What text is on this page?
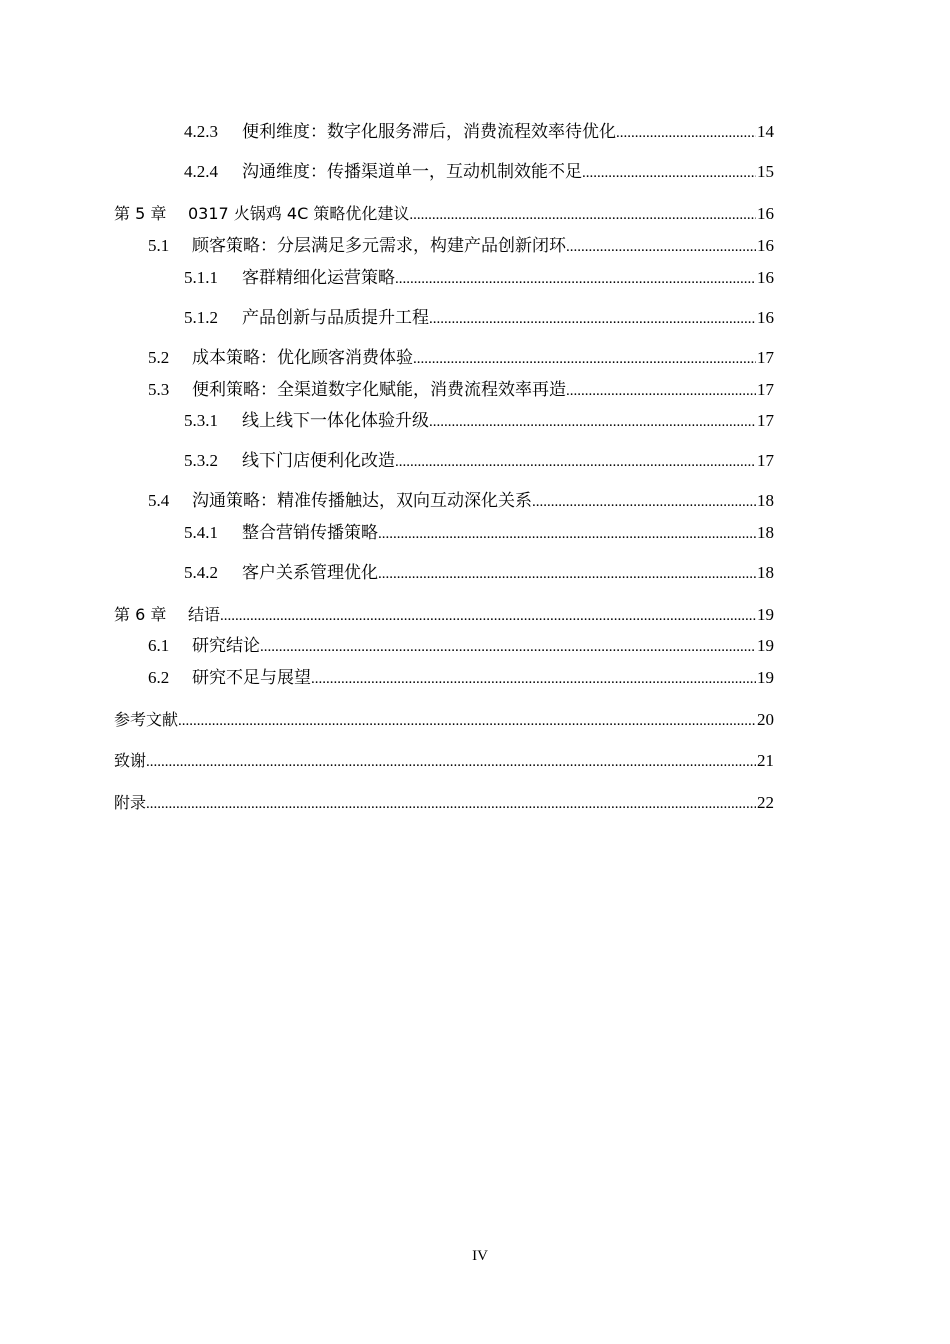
4.2.3	便利维度：数字化服务滞后，消费流程效率待优化 .....	14
4.2.4	沟通维度：传播渠道单一，互动机制效能不足 .....	15
第 5 章	0317 火锅鸡 4C 策略优化建议 .....	16
5.1	顾客策略：分层满足多元需求，构建产品创新闭环 .....	16
5.1.1	客群精细化运营策略 .....	16
5.1.2	产品创新与品质提升工程 .....	16
5.2	成本策略：优化顾客消费体验 .....	17
5.3	便利策略：全渠道数字化赋能，消费流程效率再造 .....	17
5.3.1	线上线下一体化体验升级 .....	17
5.3.2	线下门店便利化改造 .....	17
5.4	沟通策略：精准传播触达，双向互动深化关系 .....	18
5.4.1	整合营销传播策略 .....	18
5.4.2	客户关系管理优化 .....	18
第 6 章	结语 .....	19
6.1	研究结论 .....	19
6.2	研究不足与展望 .....	19
参考文献 .....	20
致谢 .....	21
附录 .....	22
IV
